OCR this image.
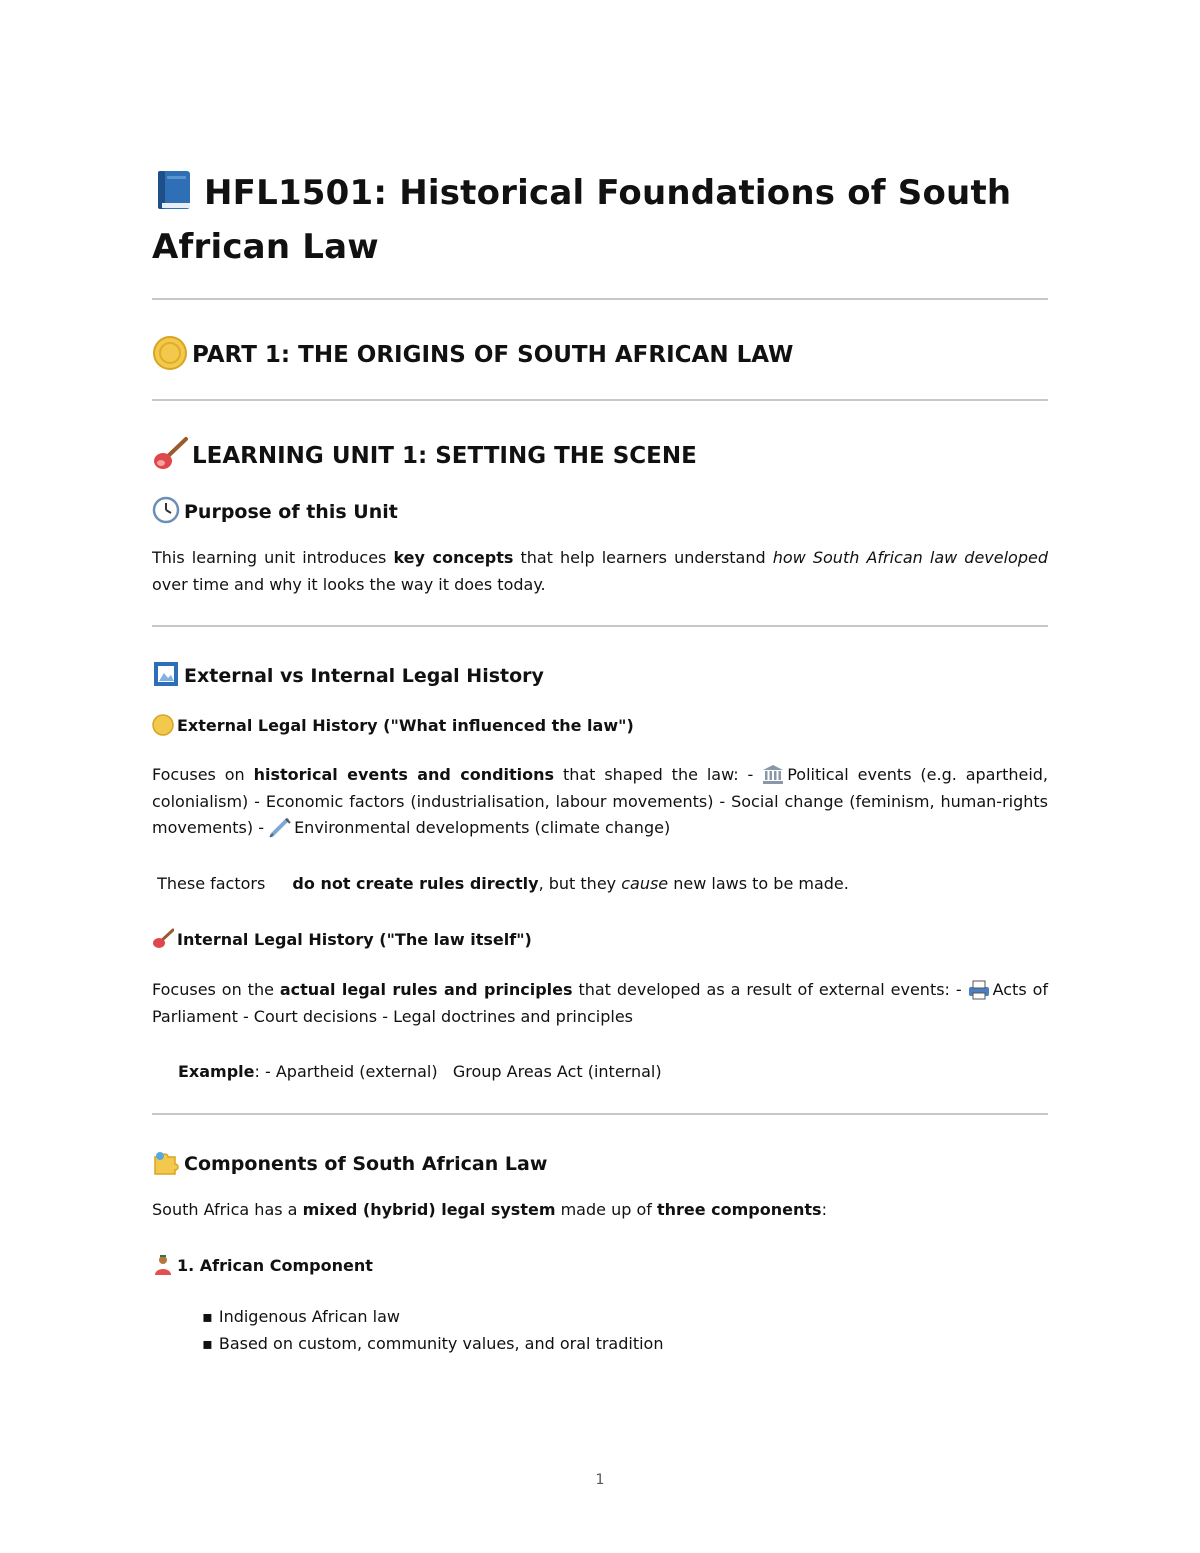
HFL1501: Historical Foundations of South
African Law
PART 1: THE ORIGINS OF SOUTH AFRICAN LAW
LEARNING UNIT 1: SETTING THE SCENE
Purpose of this Unit
This learning unit introduces key concepts that help learners understand how South African law developed over time and why it looks the way it does today.
External vs Internal Legal History
External Legal History ("What influenced the law")
Focuses on historical events and conditions that shaped the law: - Political events (e.g. apartheid, colonialism) - Economic factors (industrialisation, labour movements) - Social change (feminism, human-rights movements) - Environmental developments (climate change)
These factors do not create rules directly, but they cause new laws to be made.
Internal Legal History ("The law itself")
Focuses on the actual legal rules and principles that developed as a result of external events: - Acts of Parliament - Court decisions - Legal doctrines and principles
Example: - Apartheid (external)   Group Areas Act (internal)
Components of South African Law
South Africa has a mixed (hybrid) legal system made up of three components:
1. African Component
▪ Indigenous African law
▪ Based on custom, community values, and oral tradition
1
